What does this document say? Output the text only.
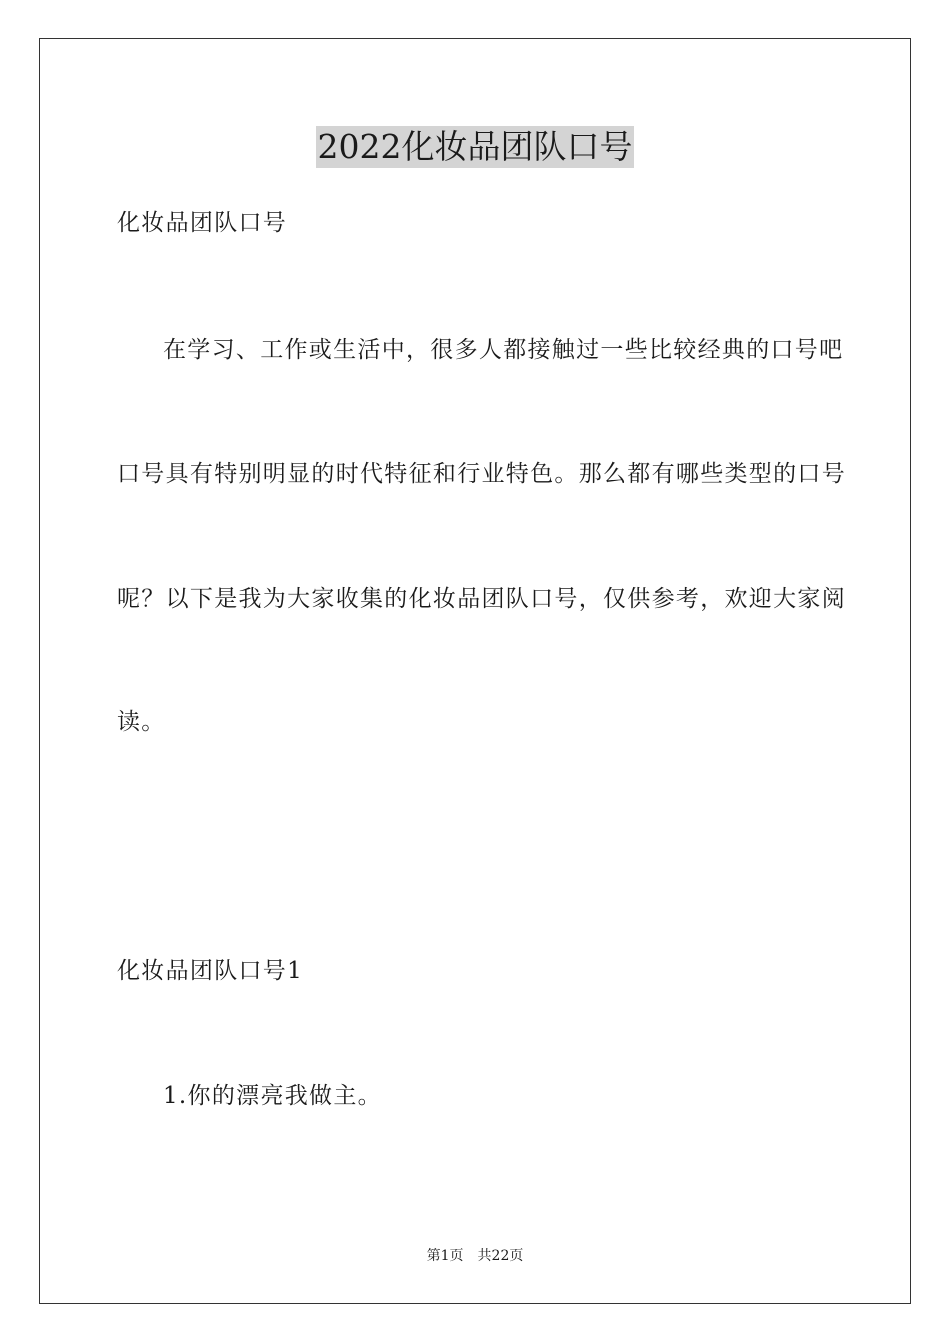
2022化妆品团队口号
化妆品团队口号
在学习、工作或生活中，很多人都接触过一些比较经典的口号吧
口号具有特别明显的时代特征和行业特色。那么都有哪些类型的口号
呢？以下是我为大家收集的化妆品团队口号，仅供参考，欢迎大家阅
读。
化妆品团队口号1
1.你的漂亮我做主。
第1页 共22页
